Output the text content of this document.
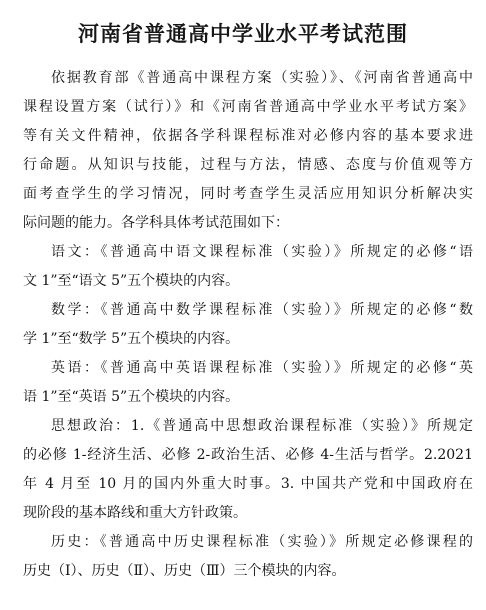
河南省普通高中学业水平考试范围
依据教育部《普通高中课程方案（实验）》、《河南省普通高中
课程设置方案（试行）》和《河南省普通高中学业水平考试方案》
等有关文件精神，依据各学科课程标准对必修内容的基本要求进
行命题。从知识与技能，过程与方法，情感、态度与价值观等方
面考查学生的学习情况，同时考查学生灵活应用知识分析解决实
际问题的能力。各学科具体考试范围如下：
语文：《普通高中语文课程标准（实验）》所规定的必修“语
文 1”至“语文 5”五个模块的内容。
数学：《普通高中数学课程标准（实验）》所规定的必修“数
学 1”至“数学 5”五个模块的内容。
英语：《普通高中英语课程标准（实验）》所规定的必修“英
语 1”至“英语 5”五个模块的内容。
思想政治：1.《普通高中思想政治课程标准（实验）》所规定
的必修 1-经济生活、必修 2-政治生活、必修 4-生活与哲学。2.2021
年 4 月至 10 月的国内外重大时事。3. 中国共产党和中国政府在
现阶段的基本路线和重大方针政策。
历史：《普通高中历史课程标准（实验）》所规定必修课程的
历史（Ⅰ）、历史（Ⅱ）、历史（Ⅲ）三个模块的内容。
